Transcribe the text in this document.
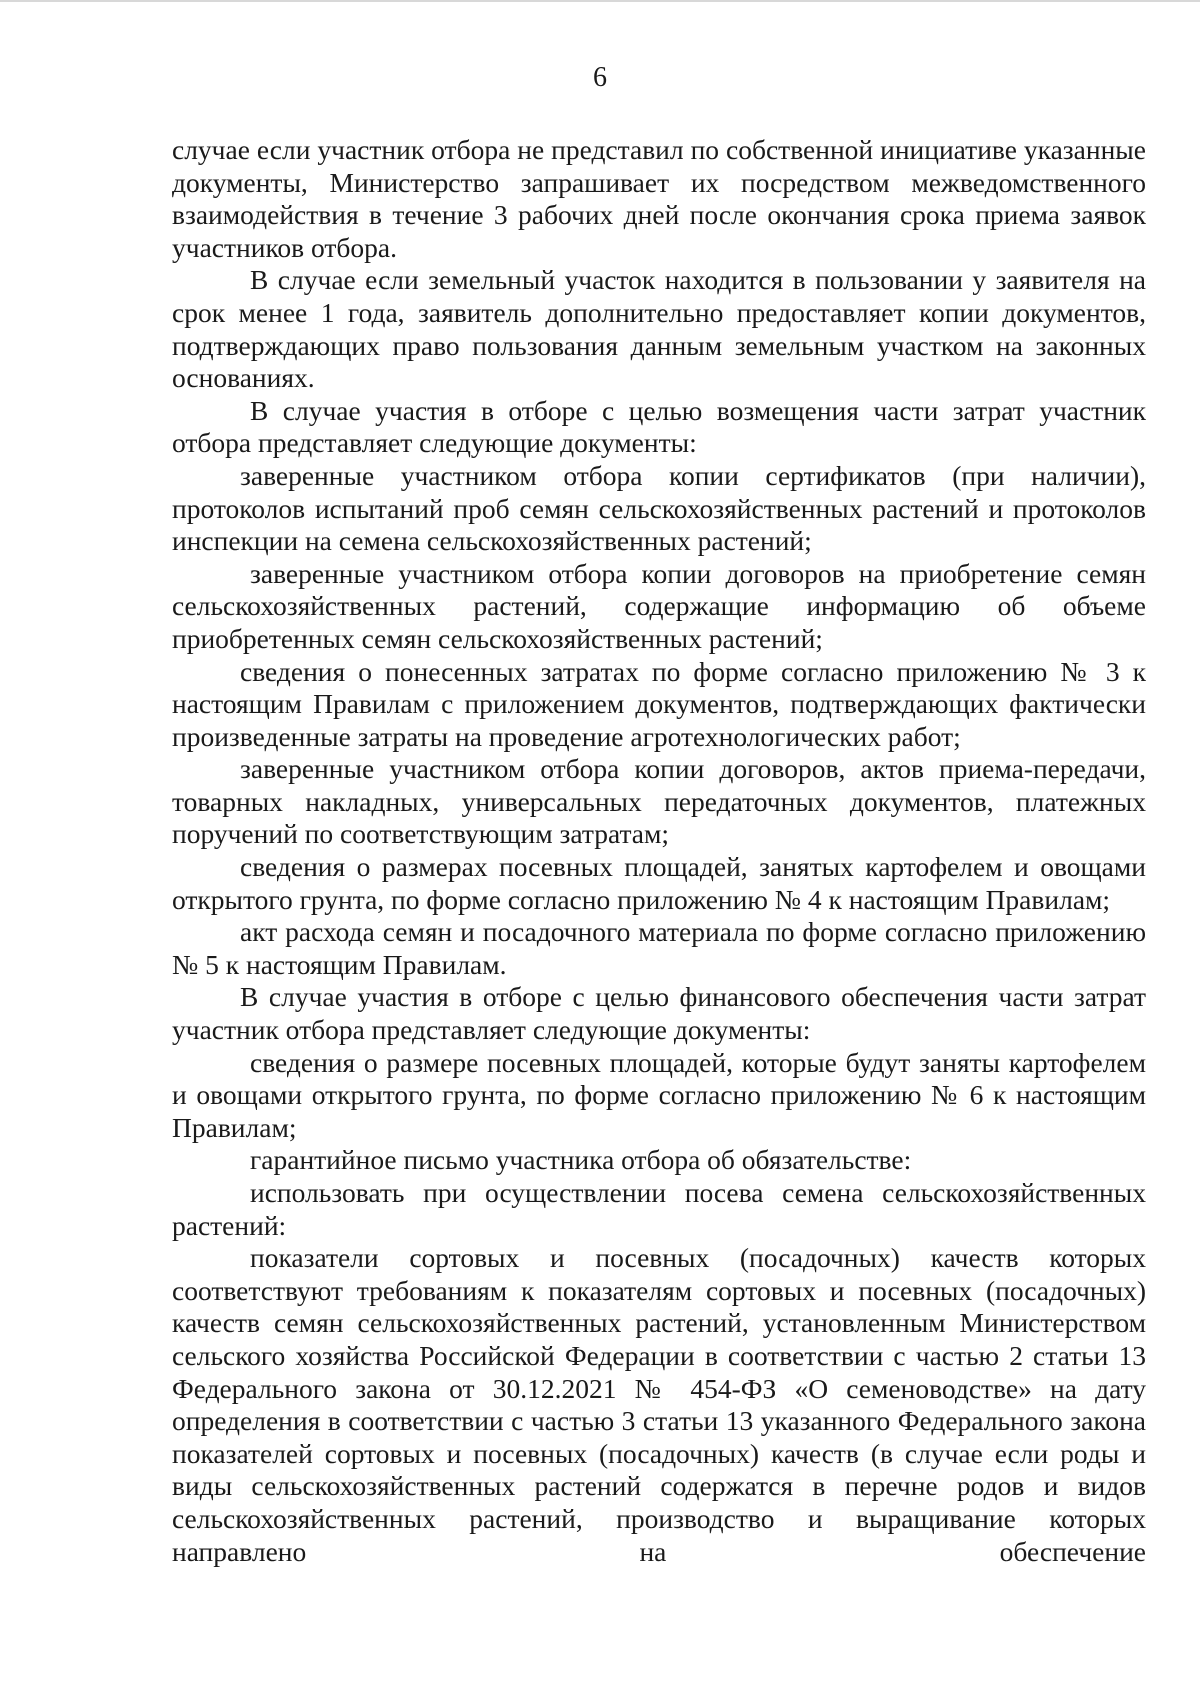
6

случае если участник отбора не представил по собственной инициативе указанные документы, Министерство запрашивает их посредством межведомственного взаимодействия в течение 3 рабочих дней после окончания срока приема заявок участников отбора.

В случае если земельный участок находится в пользовании у заявителя на срок менее 1 года, заявитель дополнительно предоставляет копии документов, подтверждающих право пользования данным земельным участком на законных основаниях.

В случае участия в отборе с целью возмещения части затрат участник отбора представляет следующие документы:

заверенные участником отбора копии сертификатов (при наличии), протоколов испытаний проб семян сельскохозяйственных растений и протоколов инспекции на семена сельскохозяйственных растений;

заверенные участником отбора копии договоров на приобретение семян сельскохозяйственных растений, содержащие информацию об объеме приобретенных семян сельскохозяйственных растений;

сведения о понесенных затратах по форме согласно приложению № 3 к настоящим Правилам с приложением документов, подтверждающих фактически произведенные затраты на проведение агротехнологических работ;

заверенные участником отбора копии договоров, актов приема-передачи, товарных накладных, универсальных передаточных документов, платежных поручений по соответствующим затратам;

сведения о размерах посевных площадей, занятых картофелем и овощами открытого грунта, по форме согласно приложению № 4 к настоящим Правилам;

акт расхода семян и посадочного материала по форме согласно приложению № 5 к настоящим Правилам.

В случае участия в отборе с целью финансового обеспечения части затрат участник отбора представляет следующие документы:

сведения о размере посевных площадей, которые будут заняты картофелем и овощами открытого грунта, по форме согласно приложению № 6 к настоящим Правилам;

гарантийное письмо участника отбора об обязательстве:

использовать при осуществлении посева семена сельскохозяйственных растений:

показатели сортовых и посевных (посадочных) качеств которых соответствуют требованиям к показателям сортовых и посевных (посадочных) качеств семян сельскохозяйственных растений, установленным Министерством сельского хозяйства Российской Федерации в соответствии с частью 2 статьи 13 Федерального закона от 30.12.2021 № 454-ФЗ «О семеноводстве» на дату определения в соответствии с частью 3 статьи 13 указанного Федерального закона показателей сортовых и посевных (посадочных) качеств (в случае если роды и виды сельскохозяйственных растений содержатся в перечне родов и видов сельскохозяйственных растений, производство и выращивание которых направлено на обеспечение
